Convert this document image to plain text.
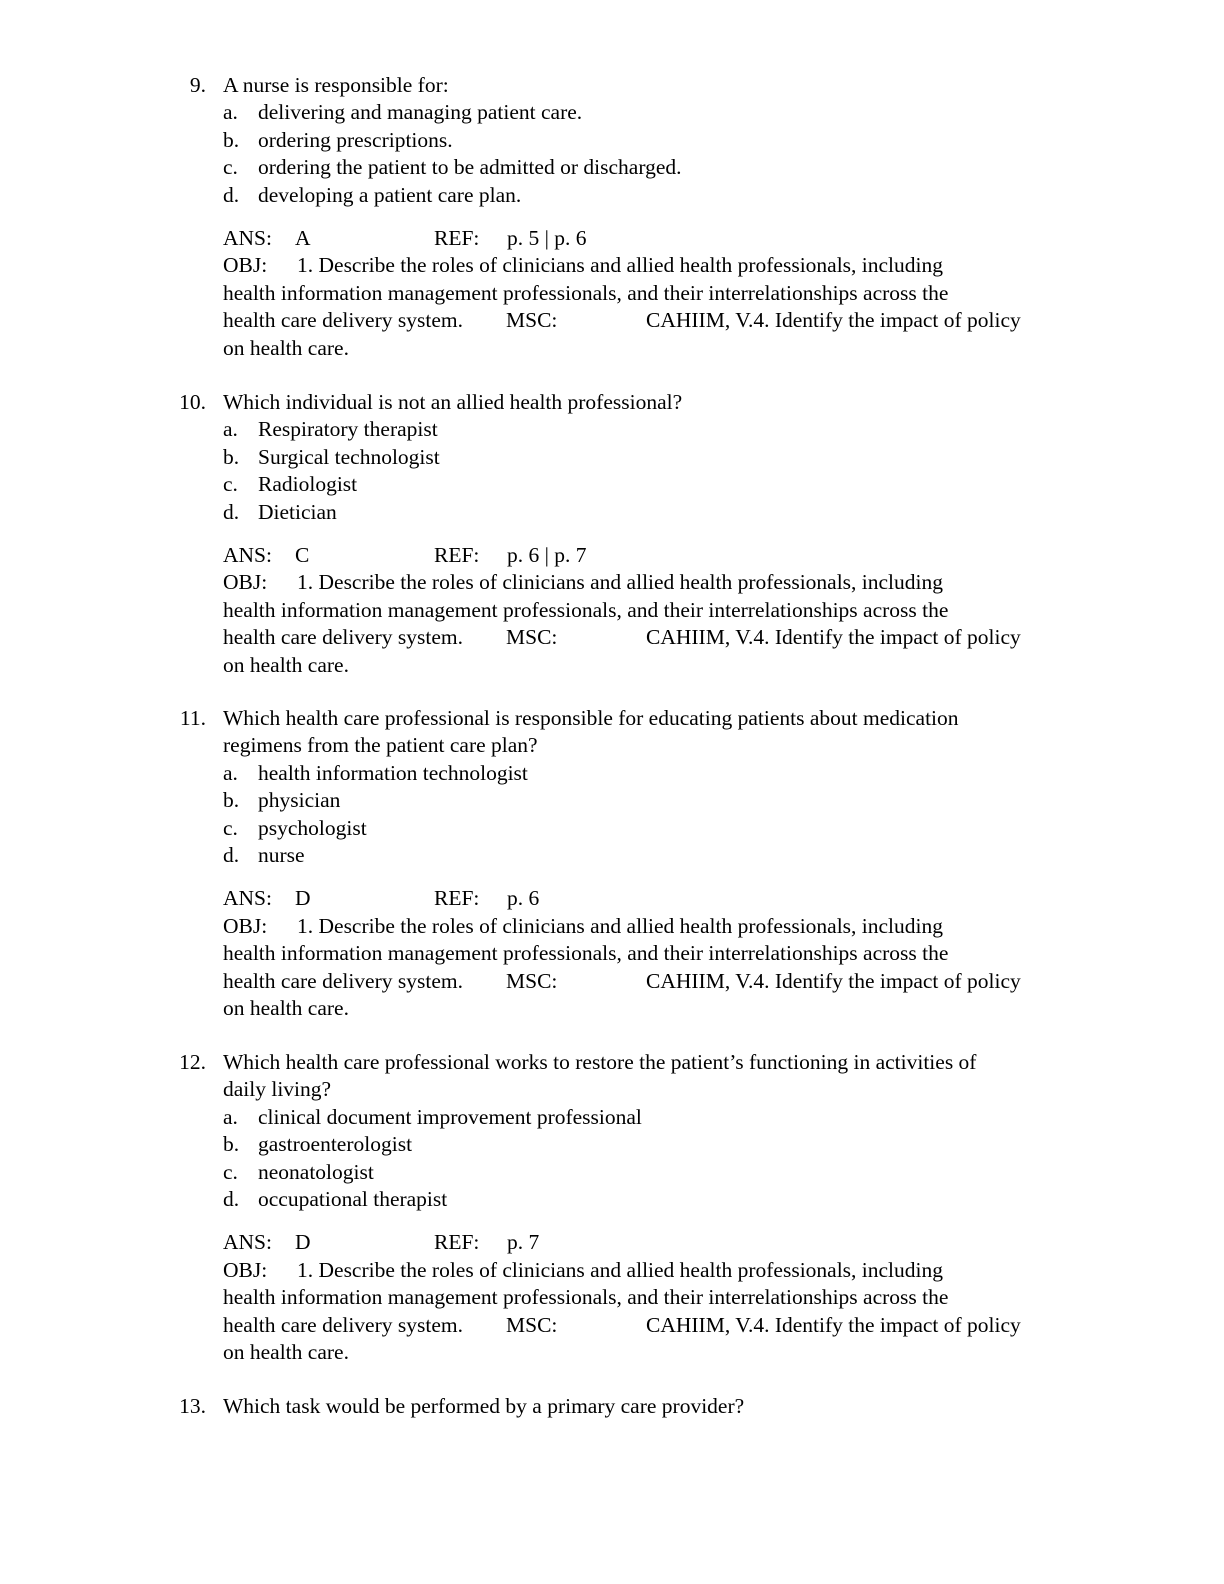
9. A nurse is responsible for:
a. delivering and managing patient care.
b. ordering prescriptions.
c. ordering the patient to be admitted or discharged.
d. developing a patient care plan.
ANS: A	REF: p. 5 | p. 6
OBJ: 1. Describe the roles of clinicians and allied health professionals, including
health information management professionals, and their interrelationships across the
health care delivery system. MSC:	CAHIIM, V.4. Identify the impact of policy
on health care.
10. Which individual is not an allied health professional?
a. Respiratory therapist
b. Surgical technologist
c. Radiologist
d. Dietician
ANS: C	REF: p. 6 | p. 7
OBJ: 1. Describe the roles of clinicians and allied health professionals, including
health information management professionals, and their interrelationships across the
health care delivery system. MSC:	CAHIIM, V.4. Identify the impact of policy
on health care.
11. Which health care professional is responsible for educating patients about medication
regimens from the patient care plan?
a. health information technologist
b. physician
c. psychologist
d. nurse
ANS: D	REF: p. 6
OBJ: 1. Describe the roles of clinicians and allied health professionals, including
health information management professionals, and their interrelationships across the
health care delivery system. MSC:	CAHIIM, V.4. Identify the impact of policy
on health care.
12. Which health care professional works to restore the patient’s functioning in activities of
daily living?
a. clinical document improvement professional
b. gastroenterologist
c. neonatologist
d. occupational therapist
ANS: D	REF: p. 7
OBJ: 1. Describe the roles of clinicians and allied health professionals, including
health information management professionals, and their interrelationships across the
health care delivery system. MSC:	CAHIIM, V.4. Identify the impact of policy
on health care.
13. Which task would be performed by a primary care provider?
